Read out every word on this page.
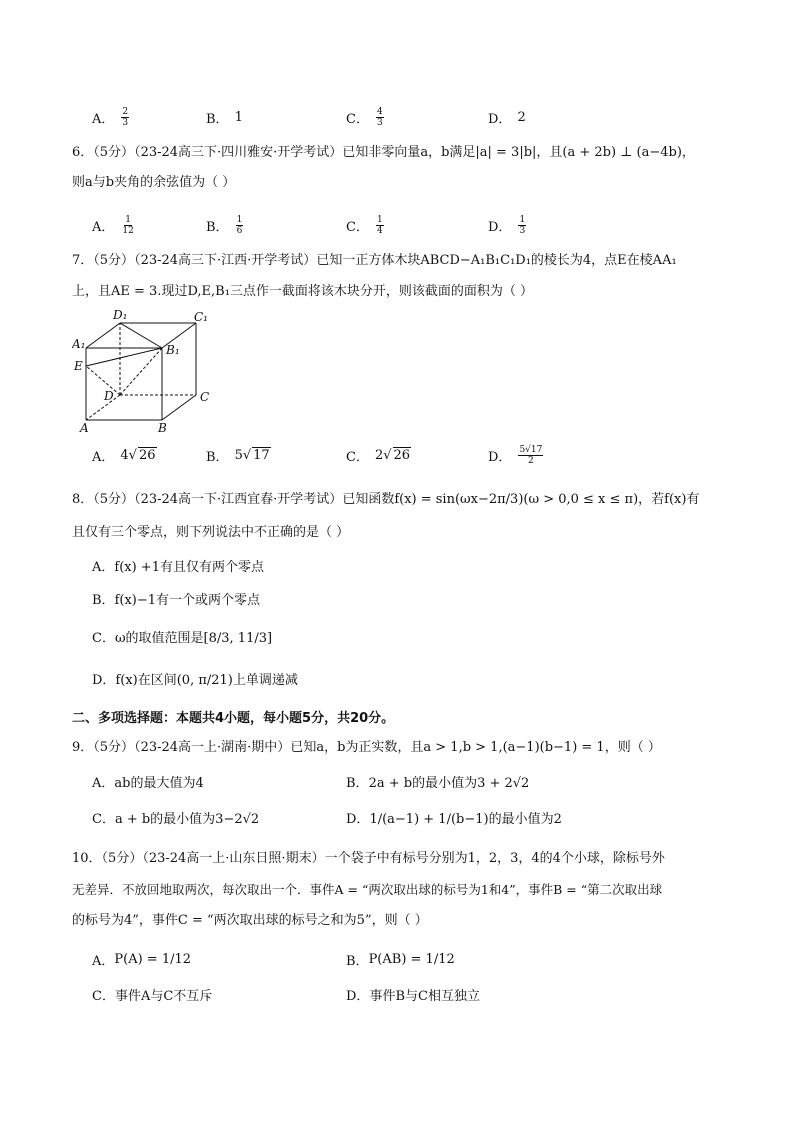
A． $\frac{2}{3}$	B． 1	C． $\frac{4}{3}$	D． 2
6．（5分）（23-24高三下·四川雅安·开学考试）已知非零向量a，b满足|a| = 3|b|，且(a + 2b) ⊥ (a−4b)，
则a与b夹角的余弦值为（ ）
A． $\frac{1}{12}$	B． $\frac{1}{6}$	C． $\frac{1}{4}$	D． $\frac{1}{3}$
7．（5分）（23-24高三下·江西·开学考试）已知一正方体木块ABCD−A₁B₁C₁D₁的棱长为4，点E在棱AA₁
上，且AE = 3.现过D,E,B₁三点作一截面将该木块分开，则该截面的面积为（ ）
D₁	C₁
A₁	B₁
E
D	C
A	B
A． 4 √ 26	B． 5 √ 17	C． 2 √ 26	D． $\frac{5√17}{2}$
8．（5分）（23-24高一下·江西宜春·开学考试）已知函数f(x) = sin(ωx−2π/3)(ω > 0,0 ≤ x ≤ π)，若f(x)有
且仅有三个零点，则下列说法中不正确的是（ ）
A．f(x) +1有且仅有两个零点
B．f(x)−1有一个或两个零点
C．ω的取值范围是[8/3, 11/3]
D．f(x)在区间(0, π/21)上单调递减
二、多项选择题：本题共4小题，每小题5分，共20分。
9．（5分）（23-24高一上·湖南·期中）已知a，b为正实数，且a > 1,b > 1,(a−1)(b−1) = 1，则（ ）
A． ab的最大值为4	B． 2a + b的最小值为3 + 2√2
C． a + b的最小值为3−2√2	D． 1/(a−1) + 1/(b−1)的最小值为2
10．（5分）（23-24高一上·山东日照·期末）一个袋子中有标号分别为1，2，3，4的4个小球，除标号外
无差异．不放回地取两次，每次取出一个．事件A = “两次取出球的标号为1和4”，事件B = “第二次取出球
的标号为4”，事件C = “两次取出球的标号之和为5”，则（ ）
A． P(A) = 1/12	B． P(AB) = 1/12
C． 事件A与C不互斥	D． 事件B与C相互独立
